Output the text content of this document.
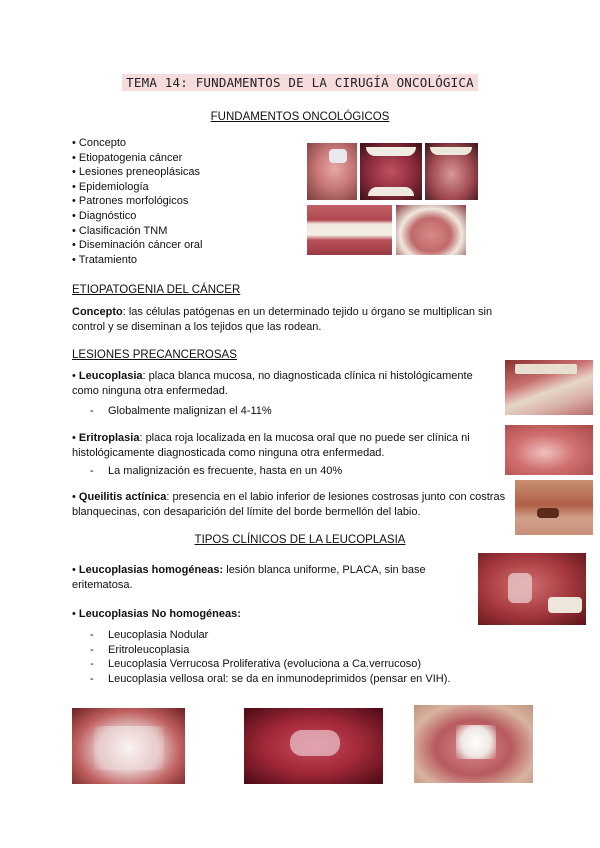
TEMA 14: FUNDAMENTOS DE LA CIRUGÍA ONCOLÓGICA
FUNDAMENTOS ONCOLÓGICOS
• Concepto
• Etiopatogenia cáncer
• Lesiones preneoplásicas
• Epidemiología
• Patrones morfológicos
• Diagnóstico
• Clasificación TNM
• Diseminación cáncer oral
• Tratamiento
ETIOPATOGENIA DEL CÁNCER
Concepto: las células patógenas en un determinado tejido u órgano se multiplican sin control y se diseminan a los tejidos que las rodean.
LESIONES PRECANCEROSAS
• Leucoplasia: placa blanca mucosa, no diagnosticada clínica ni histológicamente como ninguna otra enfermedad.
- Globalmente malignizan el 4-11%
• Eritroplasia: placa roja localizada en la mucosa oral que no puede ser clínica ni histológicamente diagnosticada como ninguna otra enfermedad.
- La malignización es frecuente, hasta en un 40%
• Queilitis actínica: presencia en el labio inferior de lesiones costrosas junto con costras blanquecinas, con desaparición del límite del borde bermellón del labio.
TIPOS CLÍNICOS DE LA LEUCOPLASIA
• Leucoplasias homogéneas: lesión blanca uniforme, PLACA, sin base eritematosa.
• Leucoplasias No homogéneas:
- Leucoplasia Nodular
- Eritroleucoplasia
- Leucoplasia Verrucosa Proliferativa (evoluciona a Ca.verrucoso)
- Leucoplasia vellosa oral: se da en inmunodeprimidos (pensar en VIH).
